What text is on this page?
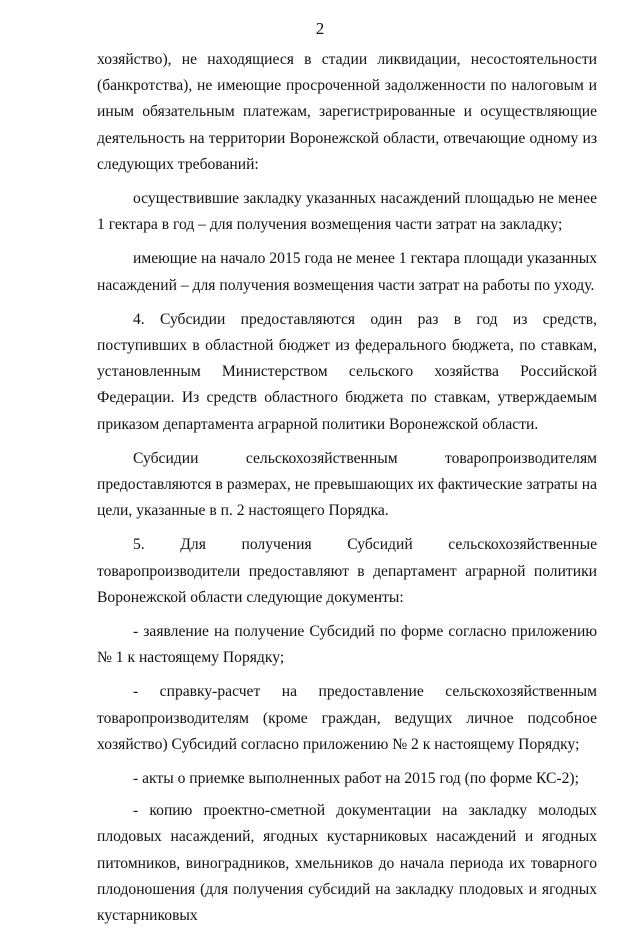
2

хозяйство), не находящиеся в стадии ликвидации, несостоятельности (банкротства), не имеющие просроченной задолженности по налоговым и иным обязательным платежам, зарегистрированные и осуществляющие деятельность на территории Воронежской области, отвечающие одному из следующих требований:

осуществившие закладку указанных насаждений площадью не менее 1 гектара в год – для получения возмещения части затрат на закладку;

имеющие на начало 2015 года не менее 1 гектара площади указанных насаждений – для получения возмещения части затрат на работы по уходу.

4. Субсидии предоставляются один раз в год из средств, поступивших в областной бюджет из федерального бюджета, по ставкам, установленным Министерством сельского хозяйства Российской Федерации. Из средств областного бюджета по ставкам, утверждаемым приказом департамента аграрной политики Воронежской области.

Субсидии сельскохозяйственным товаропроизводителям предоставляются в размерах, не превышающих их фактические затраты на цели, указанные в п. 2 настоящего Порядка.

5. Для получения Субсидий сельскохозяйственные товаропроизводители предоставляют в департамент аграрной политики Воронежской области следующие документы:

- заявление на получение Субсидий по форме согласно приложению № 1 к настоящему Порядку;

- справку-расчет на предоставление сельскохозяйственным товаропроизводителям (кроме граждан, ведущих личное подсобное хозяйство) Субсидий согласно приложению № 2 к настоящему Порядку;

- акты о приемке выполненных работ на 2015 год (по форме КС-2);

- копию проектно-сметной документации на закладку молодых плодовых насаждений, ягодных кустарниковых насаждений и ягодных питомников, виноградников, хмельников до начала периода их товарного плодоношения (для получения субсидий на закладку плодовых и ягодных кустарниковых
